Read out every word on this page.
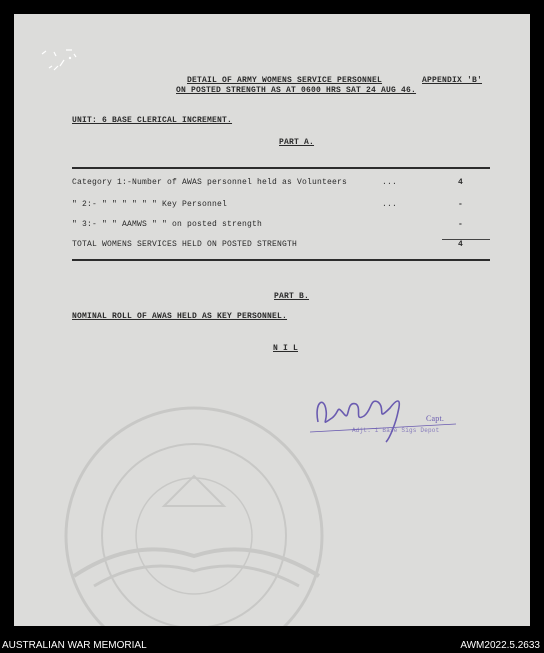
DETAIL OF ARMY WOMENS SERVICE PERSONNEL	APPENDIX 'B'
ON POSTED STRENGTH AS AT 0600 HRS SAT 24 AUG 46.
UNIT: 6 BASE CLERICAL INCREMENT.
PART A.
Category 1:-Number of AWAS personnel held as Volunteers	...	4
" 2:- " " " " " " Key Personnel	...	-
" 3:- " " AAMWS " " on posted strength	-
TOTAL WOMENS SERVICES HELD ON POSTED STRENGTH	4
PART B.
NOMINAL ROLL OF AWAS HELD AS KEY PERSONNEL.
N I L
Capt.
Adjt. 1 Base Sigs Depot
AUSTRALIAN WAR MEMORIAL	AWM2022.5.2633
